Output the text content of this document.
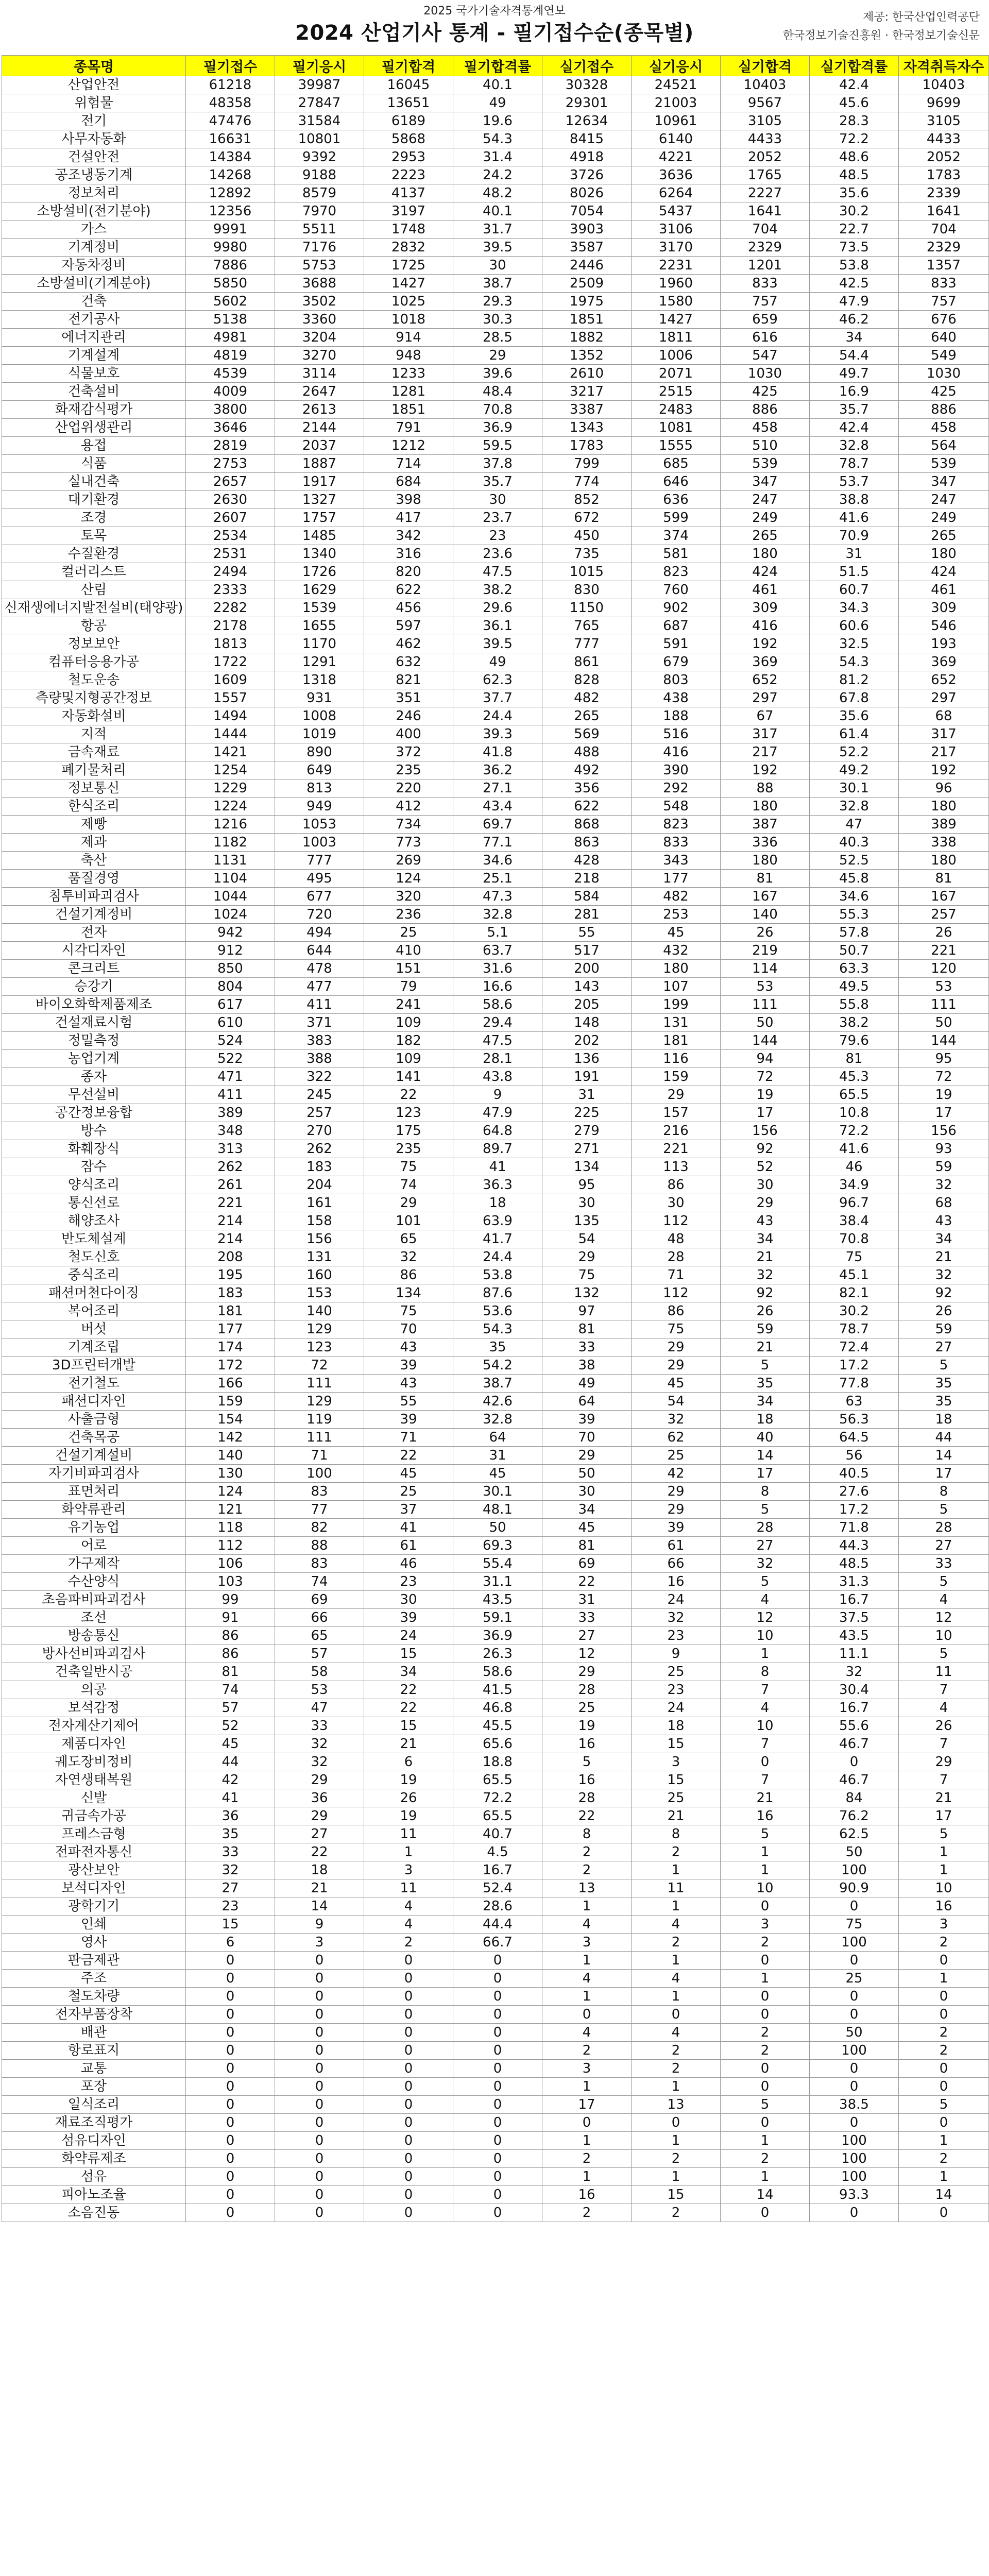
2025 국가기술자격통계연보
2024 산업기사 통계 - 필기접수순(종목별)
제공: 한국산업인력공단
한국정보기술진흥원 · 한국정보기술신문
종목명	필기접수	필기응시	필기합격	필기합격률	실기접수	실기응시	실기합격	실기합격률	자격취득자수
산업안전	61218	39987	16045	40.1	30328	24521	10403	42.4	10403
위험물	48358	27847	13651	49	29301	21003	9567	45.6	9699
전기	47476	31584	6189	19.6	12634	10961	3105	28.3	3105
사무자동화	16631	10801	5868	54.3	8415	6140	4433	72.2	4433
건설안전	14384	9392	2953	31.4	4918	4221	2052	48.6	2052
공조냉동기계	14268	9188	2223	24.2	3726	3636	1765	48.5	1783
정보처리	12892	8579	4137	48.2	8026	6264	2227	35.6	2339
소방설비(전기분야)	12356	7970	3197	40.1	7054	5437	1641	30.2	1641
가스	9991	5511	1748	31.7	3903	3106	704	22.7	704
기계정비	9980	7176	2832	39.5	3587	3170	2329	73.5	2329
자동차정비	7886	5753	1725	30	2446	2231	1201	53.8	1357
소방설비(기계분야)	5850	3688	1427	38.7	2509	1960	833	42.5	833
건축	5602	3502	1025	29.3	1975	1580	757	47.9	757
전기공사	5138	3360	1018	30.3	1851	1427	659	46.2	676
에너지관리	4981	3204	914	28.5	1882	1811	616	34	640
기계설계	4819	3270	948	29	1352	1006	547	54.4	549
식물보호	4539	3114	1233	39.6	2610	2071	1030	49.7	1030
건축설비	4009	2647	1281	48.4	3217	2515	425	16.9	425
화재감식평가	3800	2613	1851	70.8	3387	2483	886	35.7	886
산업위생관리	3646	2144	791	36.9	1343	1081	458	42.4	458
용접	2819	2037	1212	59.5	1783	1555	510	32.8	564
식품	2753	1887	714	37.8	799	685	539	78.7	539
실내건축	2657	1917	684	35.7	774	646	347	53.7	347
대기환경	2630	1327	398	30	852	636	247	38.8	247
조경	2607	1757	417	23.7	672	599	249	41.6	249
토목	2534	1485	342	23	450	374	265	70.9	265
수질환경	2531	1340	316	23.6	735	581	180	31	180
컬러리스트	2494	1726	820	47.5	1015	823	424	51.5	424
산림	2333	1629	622	38.2	830	760	461	60.7	461
신재생에너지발전설비(태양광)	2282	1539	456	29.6	1150	902	309	34.3	309
항공	2178	1655	597	36.1	765	687	416	60.6	546
정보보안	1813	1170	462	39.5	777	591	192	32.5	193
컴퓨터응용가공	1722	1291	632	49	861	679	369	54.3	369
철도운송	1609	1318	821	62.3	828	803	652	81.2	652
측량및지형공간정보	1557	931	351	37.7	482	438	297	67.8	297
자동화설비	1494	1008	246	24.4	265	188	67	35.6	68
지적	1444	1019	400	39.3	569	516	317	61.4	317
금속재료	1421	890	372	41.8	488	416	217	52.2	217
폐기물처리	1254	649	235	36.2	492	390	192	49.2	192
정보통신	1229	813	220	27.1	356	292	88	30.1	96
한식조리	1224	949	412	43.4	622	548	180	32.8	180
제빵	1216	1053	734	69.7	868	823	387	47	389
제과	1182	1003	773	77.1	863	833	336	40.3	338
축산	1131	777	269	34.6	428	343	180	52.5	180
품질경영	1104	495	124	25.1	218	177	81	45.8	81
침투비파괴검사	1044	677	320	47.3	584	482	167	34.6	167
건설기계정비	1024	720	236	32.8	281	253	140	55.3	257
전자	942	494	25	5.1	55	45	26	57.8	26
시각디자인	912	644	410	63.7	517	432	219	50.7	221
콘크리트	850	478	151	31.6	200	180	114	63.3	120
승강기	804	477	79	16.6	143	107	53	49.5	53
바이오화학제품제조	617	411	241	58.6	205	199	111	55.8	111
건설재료시험	610	371	109	29.4	148	131	50	38.2	50
정밀측정	524	383	182	47.5	202	181	144	79.6	144
농업기계	522	388	109	28.1	136	116	94	81	95
종자	471	322	141	43.8	191	159	72	45.3	72
무선설비	411	245	22	9	31	29	19	65.5	19
공간정보융합	389	257	123	47.9	225	157	17	10.8	17
방수	348	270	175	64.8	279	216	156	72.2	156
화훼장식	313	262	235	89.7	271	221	92	41.6	93
잠수	262	183	75	41	134	113	52	46	59
양식조리	261	204	74	36.3	95	86	30	34.9	32
통신선로	221	161	29	18	30	30	29	96.7	68
해양조사	214	158	101	63.9	135	112	43	38.4	43
반도체설계	214	156	65	41.7	54	48	34	70.8	34
철도신호	208	131	32	24.4	29	28	21	75	21
중식조리	195	160	86	53.8	75	71	32	45.1	32
패션머천다이징	183	153	134	87.6	132	112	92	82.1	92
복어조리	181	140	75	53.6	97	86	26	30.2	26
버섯	177	129	70	54.3	81	75	59	78.7	59
기계조립	174	123	43	35	33	29	21	72.4	27
3D프린터개발	172	72	39	54.2	38	29	5	17.2	5
전기철도	166	111	43	38.7	49	45	35	77.8	35
패션디자인	159	129	55	42.6	64	54	34	63	35
사출금형	154	119	39	32.8	39	32	18	56.3	18
건축목공	142	111	71	64	70	62	40	64.5	44
건설기계설비	140	71	22	31	29	25	14	56	14
자기비파괴검사	130	100	45	45	50	42	17	40.5	17
표면처리	124	83	25	30.1	30	29	8	27.6	8
화약류관리	121	77	37	48.1	34	29	5	17.2	5
유기농업	118	82	41	50	45	39	28	71.8	28
어로	112	88	61	69.3	81	61	27	44.3	27
가구제작	106	83	46	55.4	69	66	32	48.5	33
수산양식	103	74	23	31.1	22	16	5	31.3	5
초음파비파괴검사	99	69	30	43.5	31	24	4	16.7	4
조선	91	66	39	59.1	33	32	12	37.5	12
방송통신	86	65	24	36.9	27	23	10	43.5	10
방사선비파괴검사	86	57	15	26.3	12	9	1	11.1	5
건축일반시공	81	58	34	58.6	29	25	8	32	11
의공	74	53	22	41.5	28	23	7	30.4	7
보석감정	57	47	22	46.8	25	24	4	16.7	4
전자계산기제어	52	33	15	45.5	19	18	10	55.6	26
제품디자인	45	32	21	65.6	16	15	7	46.7	7
궤도장비정비	44	32	6	18.8	5	3	0	0	29
자연생태복원	42	29	19	65.5	16	15	7	46.7	7
신발	41	36	26	72.2	28	25	21	84	21
귀금속가공	36	29	19	65.5	22	21	16	76.2	17
프레스금형	35	27	11	40.7	8	8	5	62.5	5
전파전자통신	33	22	1	4.5	2	2	1	50	1
광산보안	32	18	3	16.7	2	1	1	100	1
보석디자인	27	21	11	52.4	13	11	10	90.9	10
광학기기	23	14	4	28.6	1	1	0	0	16
인쇄	15	9	4	44.4	4	4	3	75	3
영사	6	3	2	66.7	3	2	2	100	2
판금제관	0	0	0	0	1	1	0	0	0
주조	0	0	0	0	4	4	1	25	1
철도차량	0	0	0	0	1	1	0	0	0
전자부품장착	0	0	0	0	0	0	0	0	0
배관	0	0	0	0	4	4	2	50	2
항로표지	0	0	0	0	2	2	2	100	2
교통	0	0	0	0	3	2	0	0	0
포장	0	0	0	0	1	1	0	0	0
일식조리	0	0	0	0	17	13	5	38.5	5
재료조직평가	0	0	0	0	0	0	0	0	0
섬유디자인	0	0	0	0	1	1	1	100	1
화약류제조	0	0	0	0	2	2	2	100	2
섬유	0	0	0	0	1	1	1	100	1
피아노조율	0	0	0	0	16	15	14	93.3	14
소음진동	0	0	0	0	2	2	0	0	0
